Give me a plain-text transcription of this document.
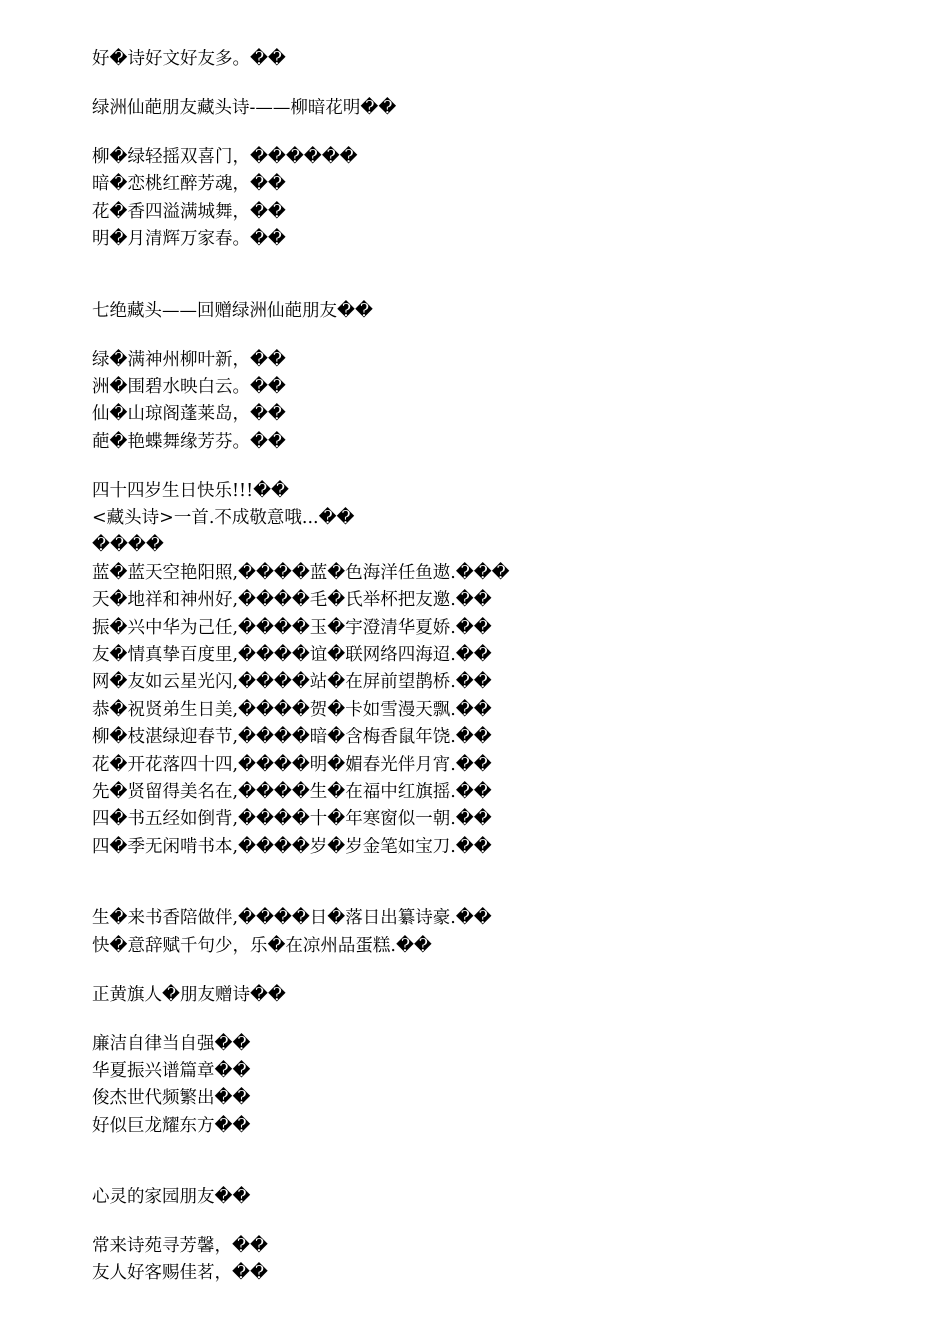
好�诗好文好友多。��
绿洲仙葩朋友藏头诗-——柳暗花明��
柳�绿轻摇双喜门，������
暗�恋桃红醉芳魂，��
花�香四溢满城舞，��
明�月清辉万家春。��
七绝藏头——回赠绿洲仙葩朋友��
绿�满神州柳叶新，��
洲�围碧水映白云。��
仙�山琼阁蓬莱岛，��
葩�艳蝶舞缘芳芬。��
四十四岁生日快乐!!!��
<藏头诗>一首.不成敬意哦...��
����
蓝�蓝天空艳阳照,����蓝�色海洋任鱼遨.���
天�地祥和神州好,����毛�氏举杯把友邀.��
振�兴中华为己任,����玉�宇澄清华夏娇.��
友�情真挚百度里,����谊�联网络四海迢.��
网�友如云星光闪,����站�在屏前望鹊桥.��
恭�祝贤弟生日美,����贺�卡如雪漫天飘.��
柳�枝湛绿迎春节,����暗�含梅香鼠年饶.��
花�开花落四十四,����明�媚春光伴月宵.��
先�贤留得美名在,����生�在福中红旗摇.��
四�书五经如倒背,����十�年寒窗似一朝.��
四�季无闲啃书本,����岁�岁金笔如宝刀.��
生�来书香陪做伴,����日�落日出纂诗豪.��
快�意辞赋千句少，乐�在凉州品蛋糕.��
正黄旗人�朋友赠诗��
廉洁自律当自强��
华夏振兴谱篇章��
俊杰世代频繁出��
好似巨龙耀东方��
心灵的家园朋友��
常来诗苑寻芳馨，��
友人好客赐佳茗，��
